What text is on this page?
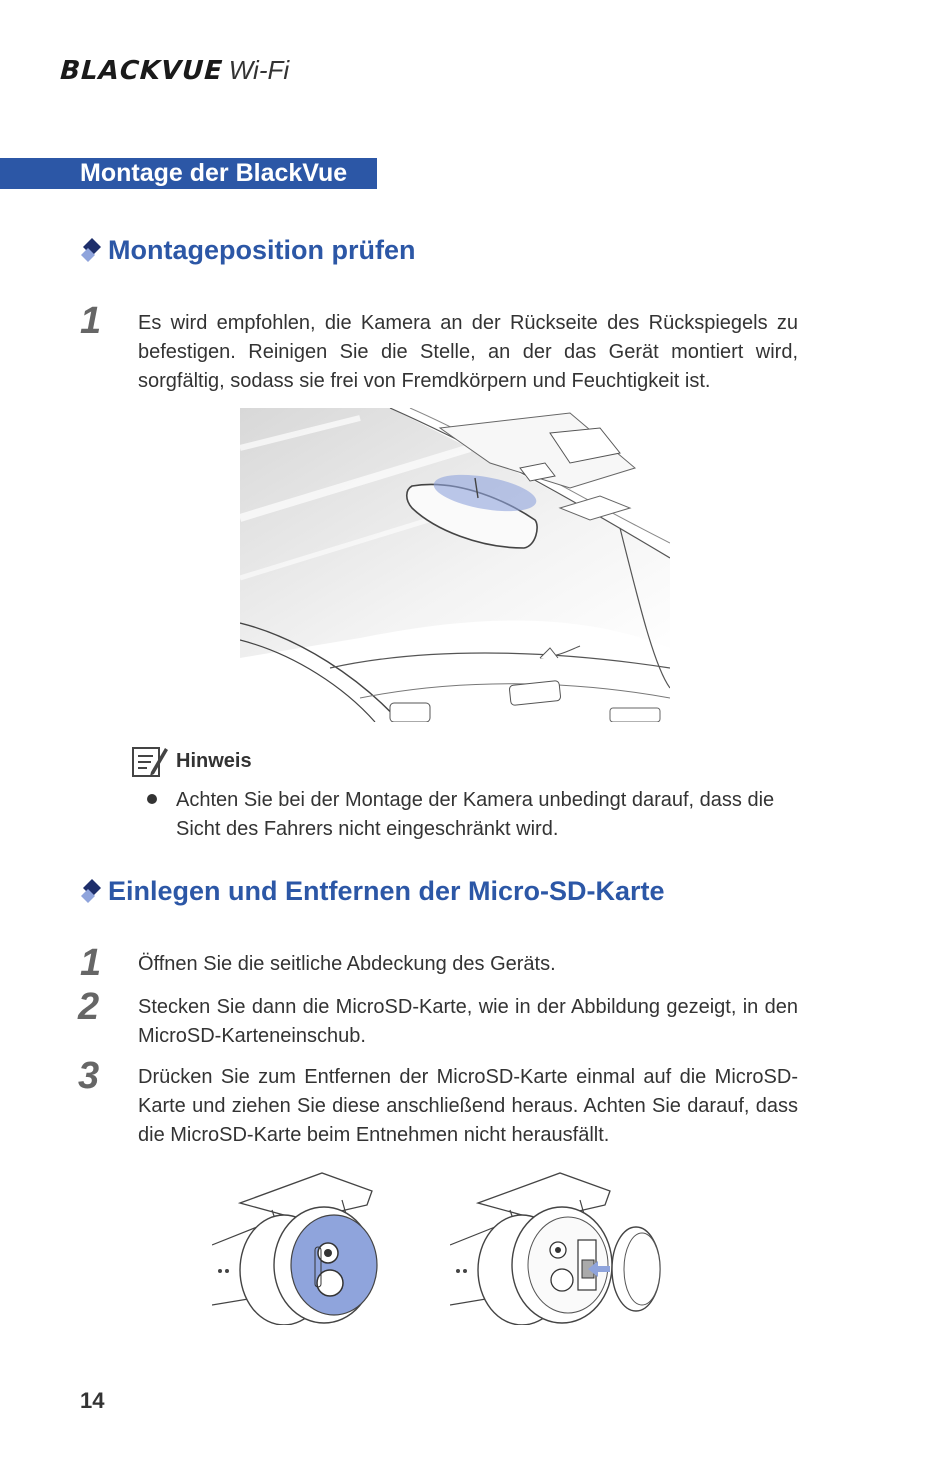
BLACKVUEWi-Fi
Montage der BlackVue
Montageposition prüfen
1 Es wird empfohlen, die Kamera an der Rückseite des Rückspiegels zu befestigen. Reinigen Sie die Stelle, an der das Gerät montiert wird, sorgfältig, sodass sie frei von Fremdkörpern und Feuchtigkeit ist.
Hinweis
Achten Sie bei der Montage der Kamera unbedingt darauf, dass die Sicht des Fahrers nicht eingeschränkt wird.
Einlegen und Entfernen der Micro-SD-Karte
1 Öffnen Sie die seitliche Abdeckung des Geräts.
2 Stecken Sie dann die MicroSD-Karte, wie in der Abbildung gezeigt, in den MicroSD-Karteneinschub.
3 Drücken Sie zum Entfernen der MicroSD-Karte einmal auf die MicroSD-Karte und ziehen Sie diese anschließend heraus. Achten Sie darauf, dass die MicroSD-Karte beim Entnehmen nicht herausfällt.
14
